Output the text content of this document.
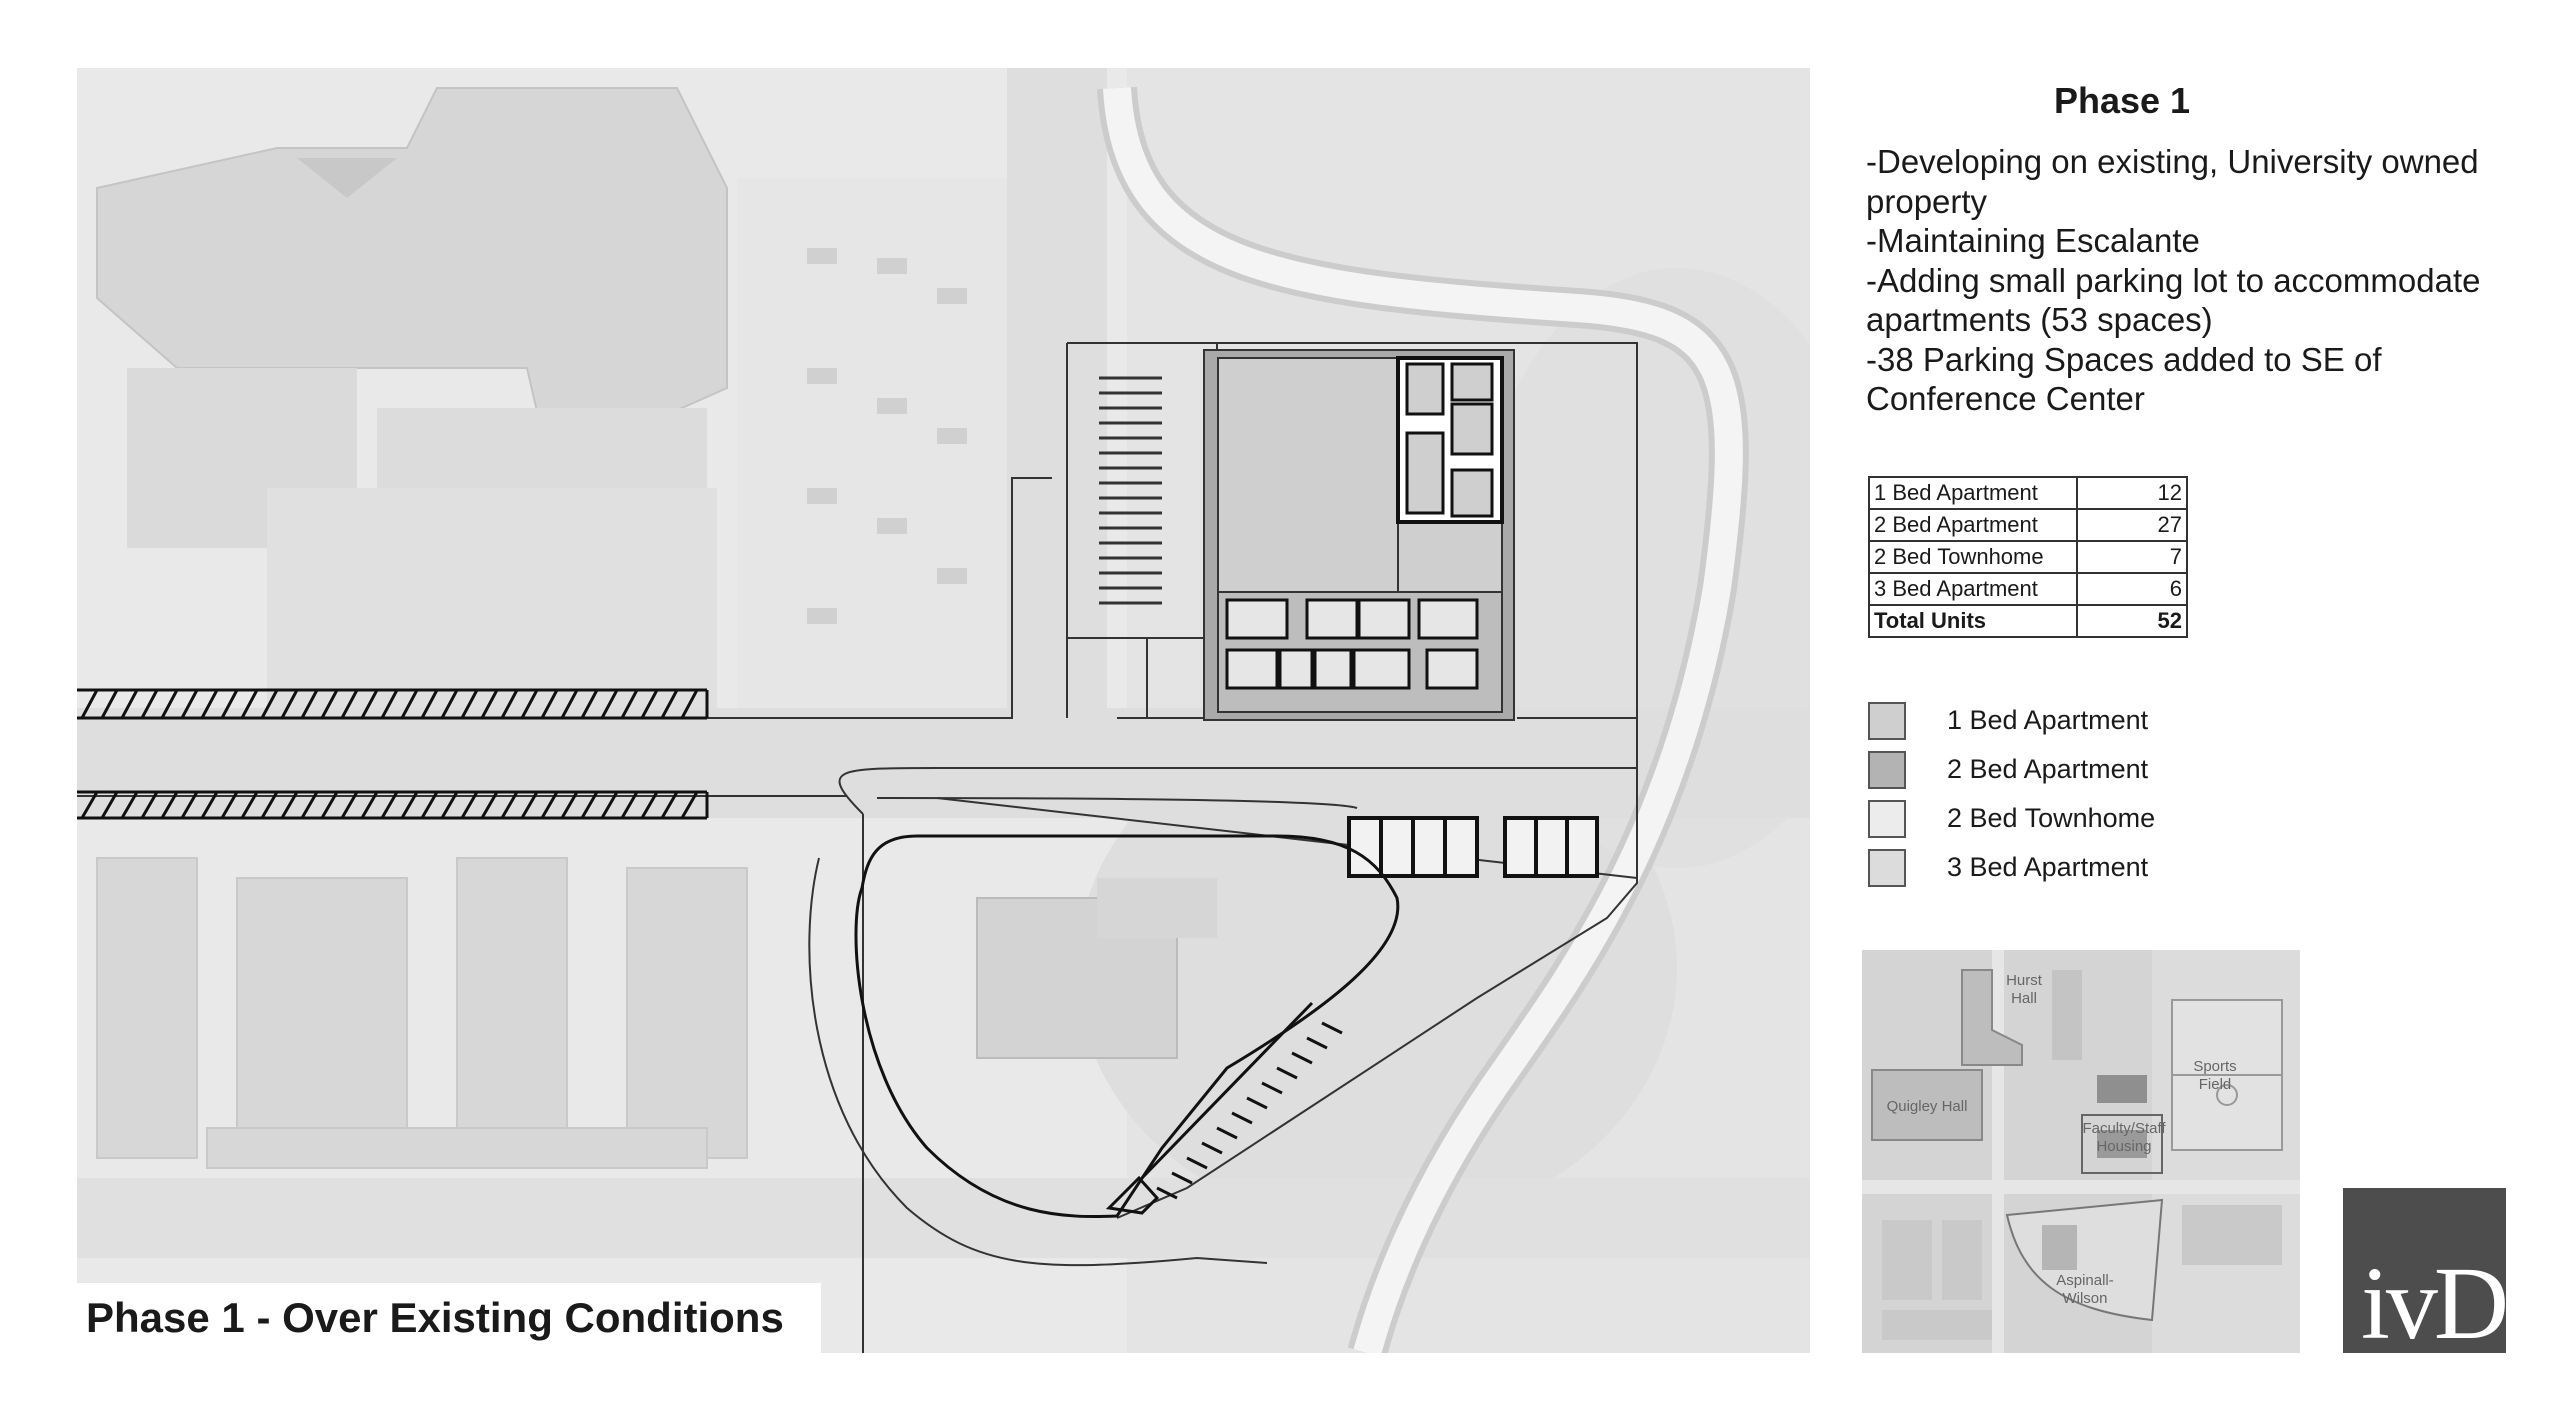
Phase 1 - Over Existing Conditions
Phase 1
-Developing on existing, University owned property
-Maintaining Escalante
-Adding small parking lot to accommodate apartments (53 spaces)
-38 Parking Spaces added to SE of Conference Center
1 Bed Apartment	12
2 Bed Apartment	27
2 Bed Townhome	7
3 Bed Apartment	6
Total Units	52
1 Bed Apartment
2 Bed Apartment
2 Bed Townhome
3 Bed Apartment
Hurst Hall
Sports Field
Quigley Hall
Faculty/Staff Housing
Aspinall-Wilson ivD
